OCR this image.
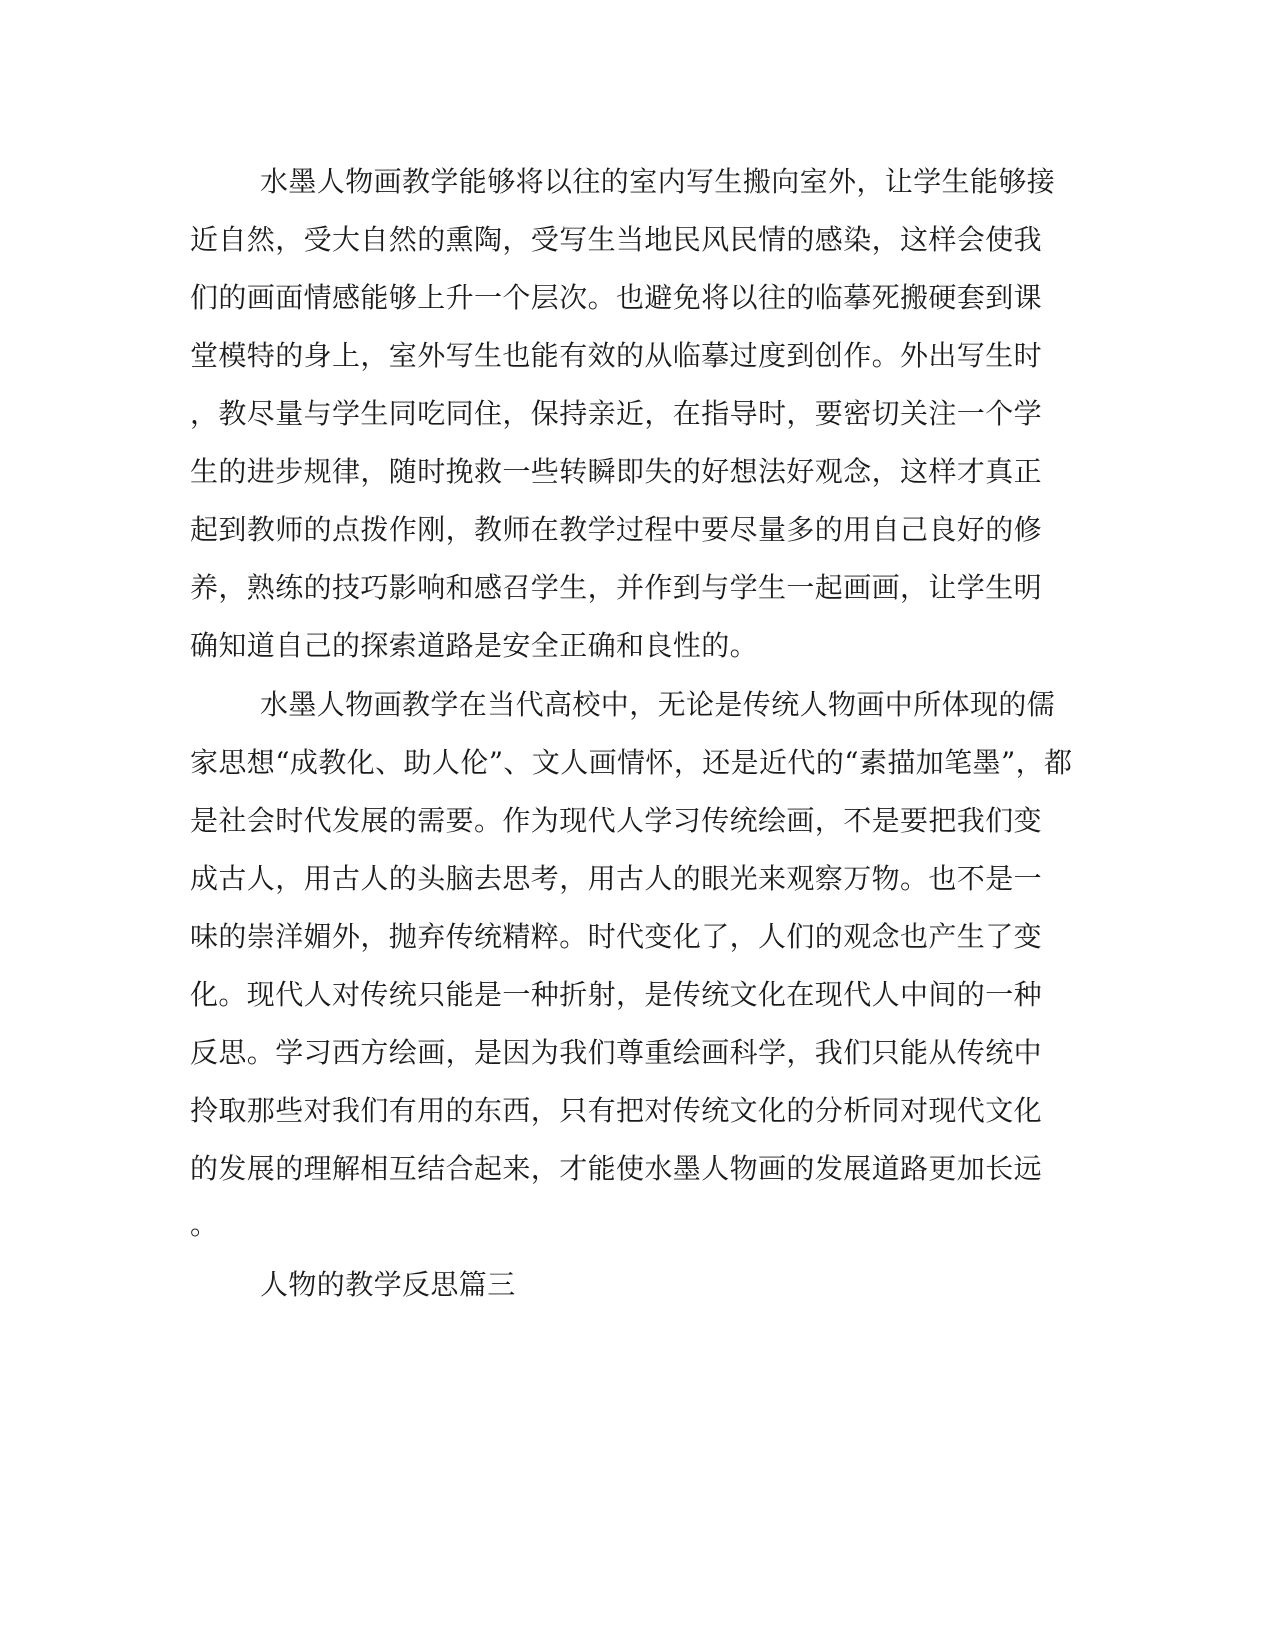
水墨人物画教学能够将以往的室内写生搬向室外，让学生能够接
近自然，受大自然的熏陶，受写生当地民风民情的感染，这样会使我
们的画面情感能够上升一个层次。也避免将以往的临摹死搬硬套到课
堂模特的身上，室外写生也能有效的从临摹过度到创作。外出写生时
，教尽量与学生同吃同住，保持亲近，在指导时，要密切关注一个学
生的进步规律，随时挽救一些转瞬即失的好想法好观念，这样才真正
起到教师的点拨作刚，教师在教学过程中要尽量多的用自己良好的修
养，熟练的技巧影响和感召学生，并作到与学生一起画画，让学生明
确知道自己的探索道路是安全正确和良性的。
水墨人物画教学在当代高校中，无论是传统人物画中所体现的儒
家思想“成教化、助人伦”、文人画情怀，还是近代的“素描加笔墨”，都
是社会时代发展的需要。作为现代人学习传统绘画，不是要把我们变
成古人，用古人的头脑去思考，用古人的眼光来观察万物。也不是一
味的崇洋媚外，抛弃传统精粹。时代变化了，人们的观念也产生了变
化。现代人对传统只能是一种折射，是传统文化在现代人中间的一种
反思。学习西方绘画，是因为我们尊重绘画科学，我们只能从传统中
拎取那些对我们有用的东西，只有把对传统文化的分析同对现代文化
的发展的理解相互结合起来，才能使水墨人物画的发展道路更加长远
。
人物的教学反思篇三
